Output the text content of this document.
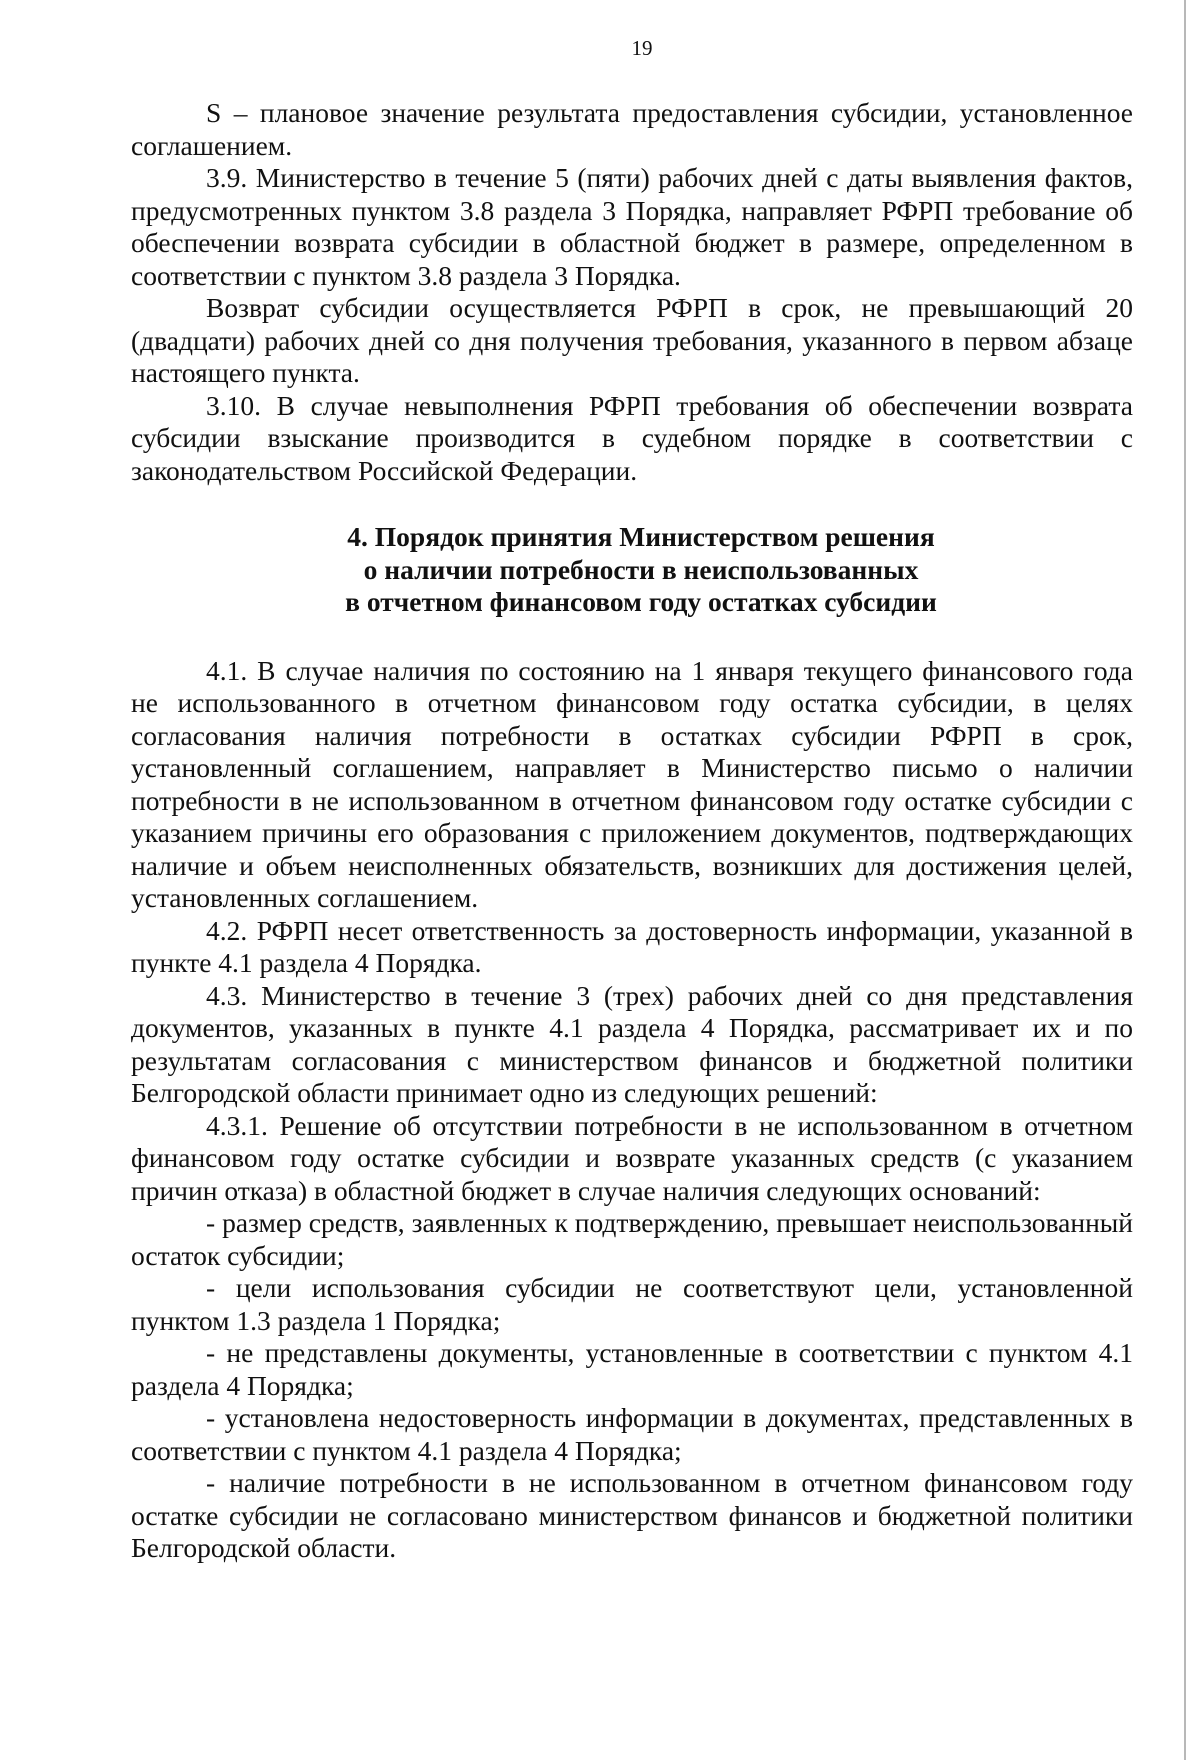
19

S – плановое значение результата предоставления субсидии, установленное соглашением.

3.9. Министерство в течение 5 (пяти) рабочих дней с даты выявления фактов, предусмотренных пунктом 3.8 раздела 3 Порядка, направляет РФРП требование об обеспечении возврата субсидии в областной бюджет в размере, определенном в соответствии с пунктом 3.8 раздела 3 Порядка.

Возврат субсидии осуществляется РФРП в срок, не превышающий 20 (двадцати) рабочих дней со дня получения требования, указанного в первом абзаце настоящего пункта.

3.10. В случае невыполнения РФРП требования об обеспечении возврата субсидии взыскание производится в судебном порядке в соответствии с законодательством Российской Федерации.

4. Порядок принятия Министерством решения
о наличии потребности в неиспользованных
в отчетном финансовом году остатках субсидии

4.1. В случае наличия по состоянию на 1 января текущего финансового года не использованного в отчетном финансовом году остатка субсидии, в целях согласования наличия потребности в остатках субсидии РФРП в срок, установленный соглашением, направляет в Министерство письмо о наличии потребности в не использованном в отчетном финансовом году остатке субсидии с указанием причины его образования с приложением документов, подтверждающих наличие и объем неисполненных обязательств, возникших для достижения целей, установленных соглашением.

4.2. РФРП несет ответственность за достоверность информации, указанной в пункте 4.1 раздела 4 Порядка.

4.3. Министерство в течение 3 (трех) рабочих дней со дня представления документов, указанных в пункте 4.1 раздела 4 Порядка, рассматривает их и по результатам согласования с министерством финансов и бюджетной политики Белгородской области принимает одно из следующих решений:

4.3.1. Решение об отсутствии потребности в не использованном в отчетном финансовом году остатке субсидии и возврате указанных средств (с указанием причин отказа) в областной бюджет в случае наличия следующих оснований:

- размер средств, заявленных к подтверждению, превышает неиспользованный остаток субсидии;

- цели использования субсидии не соответствуют цели, установленной пунктом 1.3 раздела 1 Порядка;

- не представлены документы, установленные в соответствии с пунктом 4.1 раздела 4 Порядка;

- установлена недостоверность информации в документах, представленных в соответствии с пунктом 4.1 раздела 4 Порядка;

- наличие потребности в не использованном в отчетном финансовом году остатке субсидии не согласовано министерством финансов и бюджетной политики Белгородской области.
